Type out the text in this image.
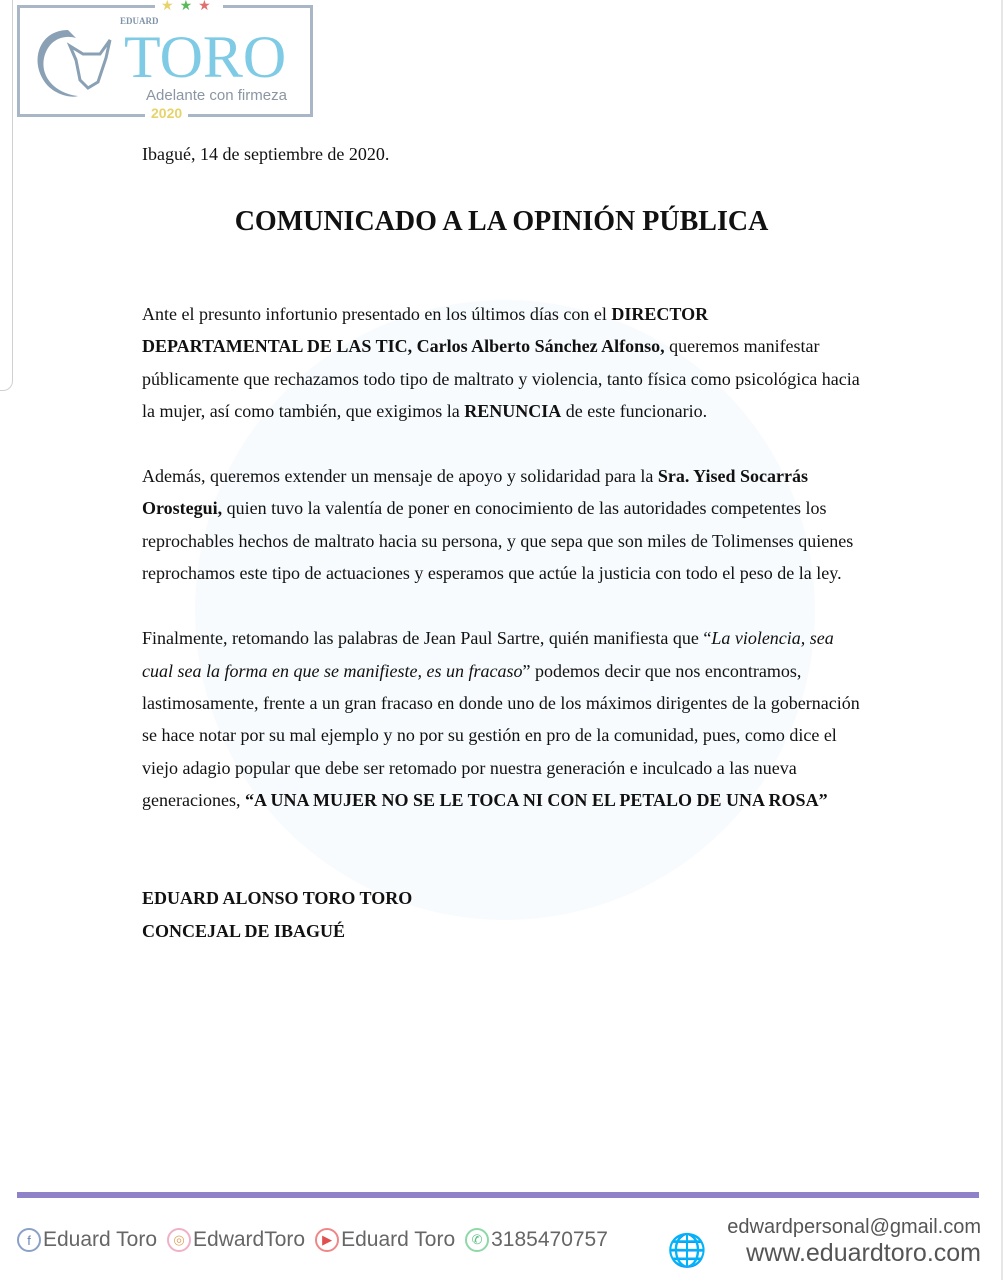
★★★
EDUARD
TORO
Adelante con firmeza
2020
Ibagué, 14 de septiembre de 2020.
COMUNICADO A LA OPINIÓN PÚBLICA
Ante el presunto infortunio presentado en los últimos días con el DIRECTOR DEPARTAMENTAL DE LAS TIC, Carlos Alberto Sánchez Alfonso, queremos manifestar públicamente que rechazamos todo tipo de maltrato y violencia, tanto física como psicológica hacia la mujer, así como también, que exigimos la RENUNCIA de este funcionario.
Además, queremos extender un mensaje de apoyo y solidaridad para la Sra. Yised Socarrás Orostegui, quien tuvo la valentía de poner en conocimiento de las autoridades competentes los reprochables hechos de maltrato hacia su persona, y que sepa que son miles de Tolimenses quienes reprochamos este tipo de actuaciones y esperamos que actúe la justicia con todo el peso de la ley.
Finalmente, retomando las palabras de Jean Paul Sartre, quién manifiesta que “La violencia, sea cual sea la forma en que se manifieste, es un fracaso” podemos decir que nos encontramos, lastimosamente, frente a un gran fracaso en donde uno de los máximos dirigentes de la gobernación se hace notar por su mal ejemplo y no por su gestión en pro de la comunidad, pues, como dice el viejo adagio popular que debe ser retomado por nuestra generación e inculcado a las nueva generaciones, “A UNA MUJER NO SE LE TOCA NI CON EL PETALO DE UNA ROSA”
EDUARD ALONSO TORO TORO
CONCEJAL DE IBAGUÉ
f Eduard Toro	◎ EdwardToro	▶ Eduard Toro	✆ 3185470757 🌐
edwardpersonal@gmail.com
www.eduardtoro.com
